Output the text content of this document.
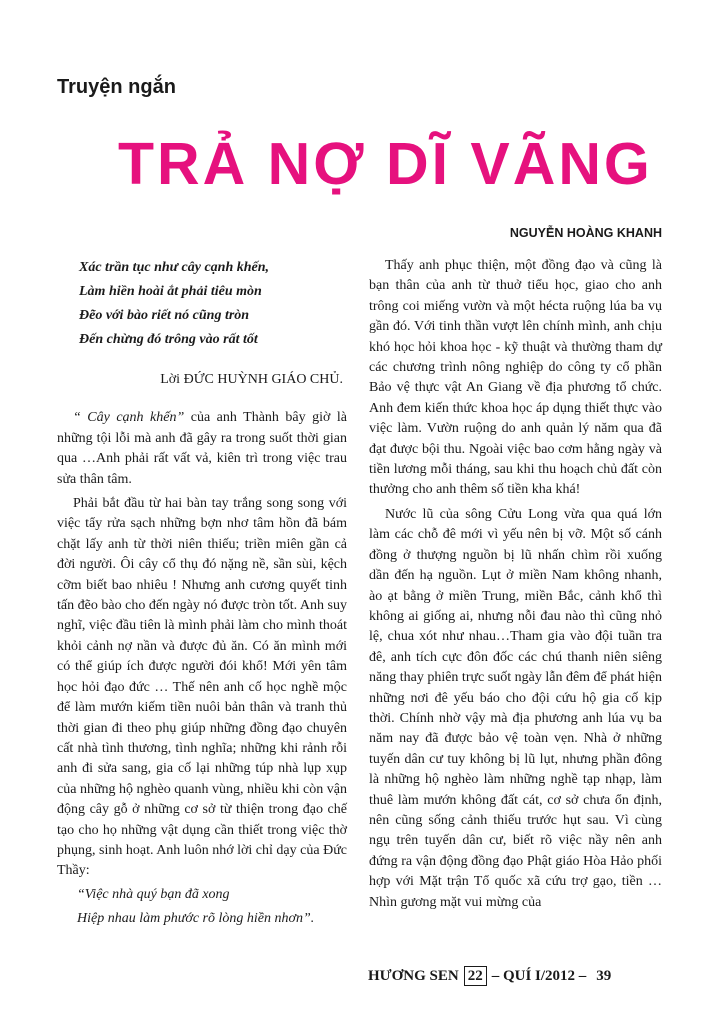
Truyện ngắn
TRẢ NỢ DĨ VÃNG
NGUYỄN HOÀNG KHANH
Xác trần tục như cây cạnh khến,
Làm hiền hoài ắt phải tiêu mòn
Đẽo với bào riết nó cũng tròn
Đến chừng đó trông vào rất tốt
Lời ĐỨC HUỲNH GIÁO CHỦ.

“ Cây cạnh khến” của anh Thành bây giờ là những tội lỗi mà anh đã gây ra trong suốt thời gian qua …Anh phải rất vất vả, kiên trì trong việc trau sửa thân tâm.

Phải bắt đầu từ hai bàn tay trắng song song với việc tẩy rửa sạch những bợn nhơ tâm hồn đã bám chặt lấy anh từ thời niên thiếu; triền miên gần cả đời người. Ôi cây cổ thụ đó nặng nề, sần sùi, kệch cỡm biết bao nhiêu ! Nhưng anh cương quyết tinh tấn đẽo bào cho đến ngày nó được tròn tốt. Anh suy nghĩ, việc đầu tiên là mình phải làm cho mình thoát khỏi cảnh nợ nần và được đủ ăn. Có ăn mình mới có thể giúp ích được người đói khổ! Mới yên tâm học hỏi đạo đức … Thế nên anh cố học nghề mộc để làm mướn kiếm tiền nuôi bản thân và tranh thủ thời gian đi theo phụ giúp những đồng đạo chuyên cất nhà tình thương, tình nghĩa; những khi rảnh rỗi anh đi sửa sang, gia cố lại những túp nhà lụp xụp của những hộ nghèo quanh vùng, nhiều khi còn vận động cây gỗ ở những cơ sở từ thiện trong đạo chế tạo cho họ những vật dụng cần thiết trong việc thờ phụng, sinh hoạt. Anh luôn nhớ lời chỉ dạy của Đức Thầy:

“Việc nhà quý bạn đã xong
Hiệp nhau làm phước rõ lòng hiền nhơn”.

Thấy anh phục thiện, một đồng đạo và cũng là bạn thân của anh từ thuở tiểu học, giao cho anh trông coi miếng vườn và một hécta ruộng lúa ba vụ gần đó. Với tinh thần vượt lên chính mình, anh chịu khó học hỏi khoa học - kỹ thuật và thường tham dự các chương trình nông nghiệp do công ty cổ phần Bảo vệ thực vật An Giang về địa phương tổ chức. Anh đem kiến thức khoa học áp dụng thiết thực vào việc làm. Vườn ruộng do anh quản lý năm qua đã đạt được bội thu. Ngoài việc bao cơm hằng ngày và tiền lương mỗi tháng, sau khi thu hoạch chủ đất còn thưởng cho anh thêm số tiền kha khá!

Nước lũ của sông Cửu Long vừa qua quá lớn làm các chỗ đê mới vì yếu nên bị vỡ. Một số cánh đồng ở thượng nguồn bị lũ nhấn chìm rồi xuống dần đến hạ nguồn. Lụt ở miền Nam không nhanh, ào ạt bằng ở miền Trung, miền Bắc, cảnh khổ thì không ai giống ai, nhưng nỗi đau nào thì cũng nhỏ lệ, chua xót như nhau…Tham gia vào đội tuần tra đê, anh tích cực đôn đốc các chú thanh niên siêng năng thay phiên trực suốt ngày lẫn đêm để phát hiện những nơi đê yếu báo cho đội cứu hộ gia cố kịp thời. Chính nhờ vậy mà địa phương anh lúa vụ ba năm nay đã được bảo vệ toàn vẹn. Nhà ở những tuyến dân cư tuy không bị lũ lụt, nhưng phần đông là những hộ nghèo làm những nghề tạp nhạp, làm thuê làm mướn không đất cát, cơ sở chưa ổn định, nên cũng sống cảnh thiếu trước hụt sau. Vì cùng ngụ trên tuyến dân cư, biết rõ việc nầy nên anh đứng ra vận động đồng đạo Phật giáo Hòa Hảo phối hợp với Mặt trận Tổ quốc xã cứu trợ gạo, tiền …Nhìn gương mặt vui mừng của

HƯƠNG SEN 22 – QUÍ I/2012 – 39
